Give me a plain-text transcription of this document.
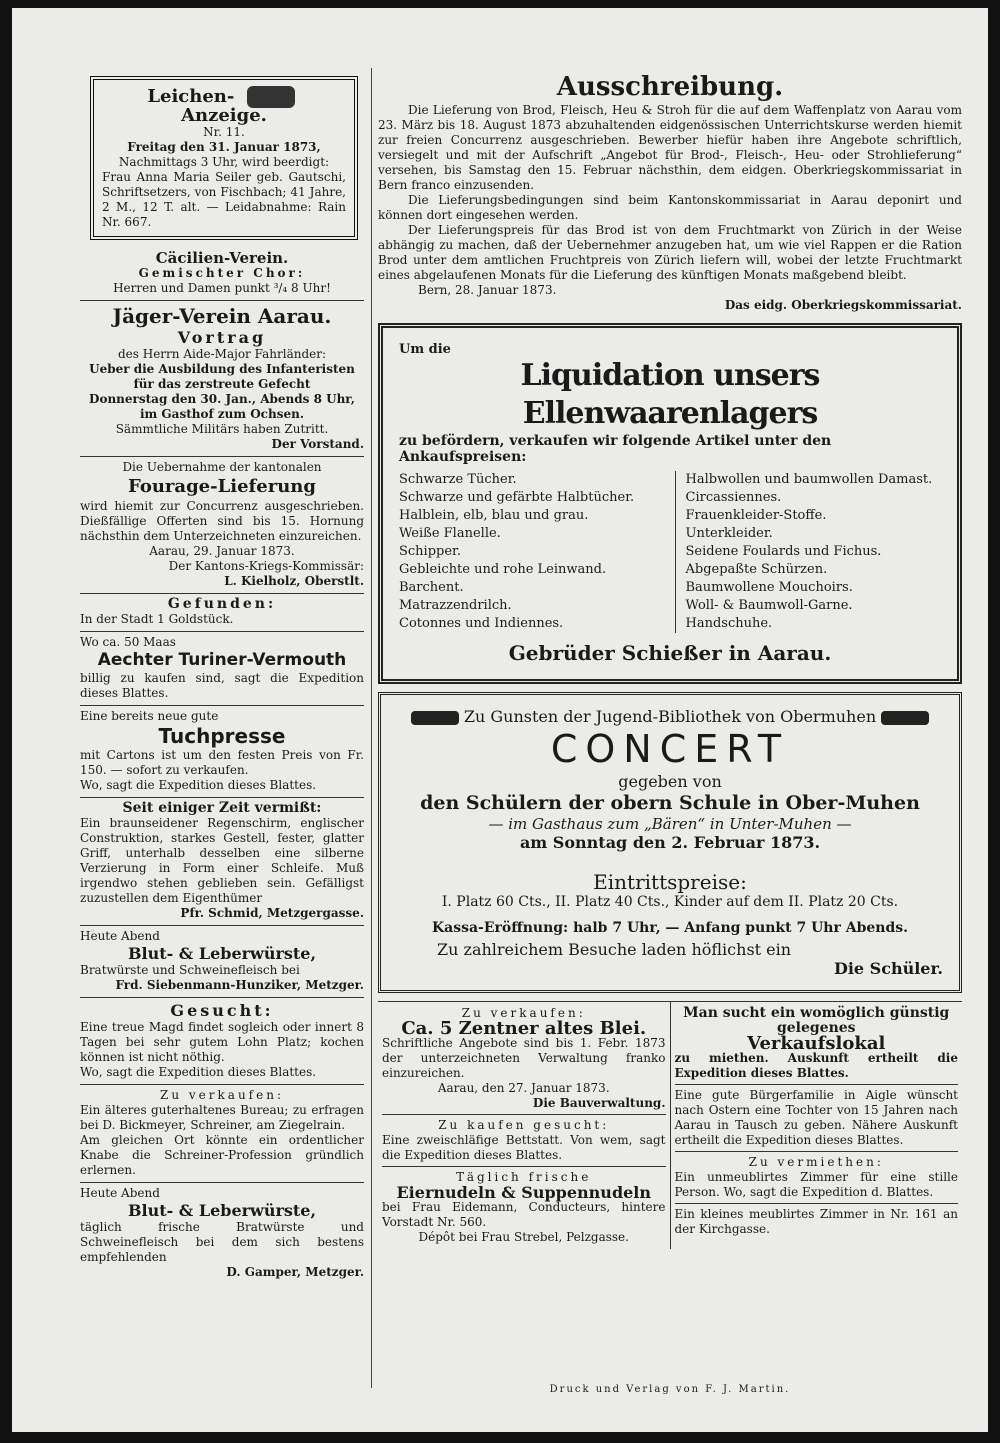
Leichen-  Anzeige.
Nr. 11.
Freitag den 31. Januar 1873,
Nachmittags 3 Uhr, wird beerdigt:
Frau Anna Maria Seiler geb. Gautschi, Schriftsetzers, von Fischbach; 41 Jahre, 2 M., 12 T. alt. — Leidabnahme: Rain Nr. 667.
Cäcilien-Verein.
Gemischter Chor:
Herren und Damen punkt ³/₄ 8 Uhr!
Jäger-Verein Aarau.
Vortrag
des Herrn Aide-Major Fahrländer:
Ueber die Ausbildung des Infanteristen für das zerstreute Gefecht
Donnerstag den 30. Jan., Abends 8 Uhr,
im Gasthof zum Ochsen.
Sämmtliche Militärs haben Zutritt.
Der Vorstand.
Die Uebernahme der kantonalen
Fourage-Lieferung
wird hiemit zur Concurrenz ausgeschrieben. Dießfällige Offerten sind bis 15. Hornung nächsthin dem Unterzeichneten einzureichen.
Aarau, 29. Januar 1873.
Der Kantons-Kriegs-Kommissär:
L. Kielholz, Oberstlt.
Gefunden:
In der Stadt 1 Goldstück.
Wo ca. 50 Maas
Aechter Turiner-Vermouth
billig zu kaufen sind, sagt die Expedition dieses Blattes.
Eine bereits neue gute
Tuchpresse
mit Cartons ist um den festen Preis von Fr. 150. — sofort zu verkaufen.
Wo, sagt die Expedition dieses Blattes.
Seit einiger Zeit vermißt:
Ein braunseidener Regenschirm, englischer Construktion, starkes Gestell, fester, glatter Griff, unterhalb desselben eine silberne Verzierung in Form einer Schleife. Muß irgendwo stehen geblieben sein. Gefälligst zuzustellen dem Eigenthümer
Pfr. Schmid, Metzgergasse.
Heute Abend
Blut- & Leberwürste,
Bratwürste und Schweinefleisch bei
Frd. Siebenmann-Hunziker, Metzger.
Gesucht:
Eine treue Magd findet sogleich oder innert 8 Tagen bei sehr gutem Lohn Platz; kochen können ist nicht nöthig.
Wo, sagt die Expedition dieses Blattes.
Zu verkaufen:
Ein älteres guterhaltenes Bureau; zu erfragen bei D. Bickmeyer, Schreiner, am Ziegelrain.
Am gleichen Ort könnte ein ordentlicher Knabe die Schreiner-Profession gründlich erlernen.
Heute Abend
Blut- & Leberwürste,
täglich frische Bratwürste und Schweinefleisch bei dem sich bestens empfehlenden
D. Gamper, Metzger.
Ausschreibung.
Die Lieferung von Brod, Fleisch, Heu & Stroh für die auf dem Waffenplatz von Aarau vom 23. März bis 18. August 1873 abzuhaltenden eidgenössischen Unterrichtskurse werden hiemit zur freien Concurrenz ausgeschrieben. Bewerber hiefür haben ihre Angebote schriftlich, versiegelt und mit der Aufschrift „Angebot für Brod-, Fleisch-, Heu- oder Strohlieferung“ versehen, bis Samstag den 15. Februar nächsthin, dem eidgen. Oberkriegskommissariat in Bern franco einzusenden.
Die Lieferungsbedingungen sind beim Kantonskommissariat in Aarau deponirt und können dort eingesehen werden.
Der Lieferungspreis für das Brod ist von dem Fruchtmarkt von Zürich in der Weise abhängig zu machen, daß der Uebernehmer anzugeben hat, um wie viel Rappen er die Ration Brod unter dem amtlichen Fruchtpreis von Zürich liefern will, wobei der letzte Fruchtmarkt eines abgelaufenen Monats für die Lieferung des künftigen Monats maßgebend bleibt.
Bern, 28. Januar 1873.
Das eidg. Oberkriegskommissariat.
Um die
Liquidation unsers Ellenwaarenlagers
zu befördern, verkaufen wir folgende Artikel unter den Ankaufspreisen:
Schwarze Tücher.
Schwarze und gefärbte Halbtücher.
Halblein, elb, blau und grau.
Weiße Flanelle.
Schipper.
Gebleichte und rohe Leinwand.
Barchent.
Matrazzendrilch.
Cotonnes und Indiennes.
Halbwollen und baumwollen Damast.
Circassiennes.
Frauenkleider-Stoffe.
Unterkleider.
Seidene Foulards und Fichus.
Abgepaßte Schürzen.
Baumwollene Mouchoirs.
Woll- & Baumwoll-Garne.
Handschuhe.
Gebrüder Schießer in Aarau.
Zu Gunsten der Jugend-Bibliothek von Obermuhen
CONCERT
gegeben von
den Schülern der obern Schule in Ober-Muhen
— im Gasthaus zum „Bären“ in Unter-Muhen —
am Sonntag den 2. Februar 1873.
Eintrittspreise:
I. Platz 60 Cts., II. Platz 40 Cts., Kinder auf dem II. Platz 20 Cts.
Kassa-Eröffnung: halb 7 Uhr, — Anfang punkt 7 Uhr Abends.
Zu zahlreichem Besuche laden höflichst ein
Die Schüler.
Zu verkaufen:
Ca. 5 Zentner altes Blei.
Schriftliche Angebote sind bis 1. Febr. 1873 der unterzeichneten Verwaltung franko einzureichen.
Aarau, den 27. Januar 1873.
Die Bauverwaltung.
Zu kaufen gesucht:
Eine zweischläfige Bettstatt. Von wem, sagt die Expedition dieses Blattes.
Täglich frische
Eiernudeln & Suppennudeln
bei Frau Eidemann, Conducteurs, hintere Vorstadt Nr. 560.
Dépôt bei Frau Strebel, Pelzgasse.
Man sucht ein womöglich günstig gelegenes
Verkaufslokal
zu miethen. Auskunft ertheilt die Expedition dieses Blattes.
Eine gute Bürgerfamilie in Aigle wünscht nach Ostern eine Tochter von 15 Jahren nach Aarau in Tausch zu geben. Nähere Auskunft ertheilt die Expedition dieses Blattes.
Zu vermiethen:
Ein unmeublirtes Zimmer für eine stille Person. Wo, sagt die Expedition d. Blattes.
Ein kleines meublirtes Zimmer in Nr. 161 an der Kirchgasse.
Druck und Verlag von F. J. Martin.
